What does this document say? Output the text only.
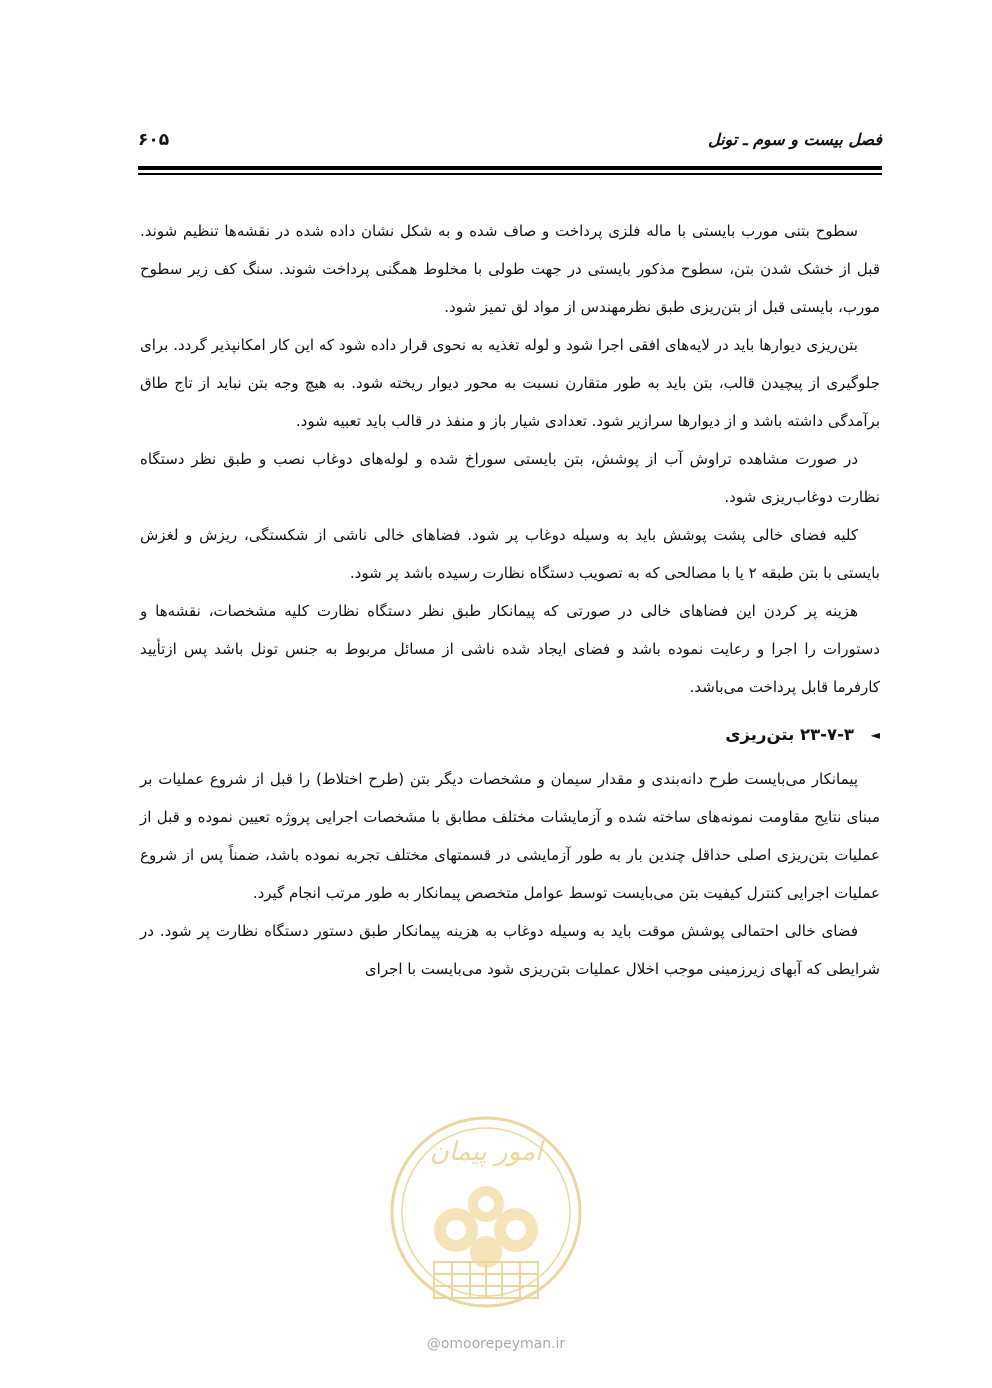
فصل بیست و سوم ـ تونل
۶۰۵

سطوح بتنی مورب بایستی با ماله فلزی پرداخت و صاف شده و به شکل نشان داده شده در نقشه‌ها تنظیم شوند. قبل از خشک شدن بتن، سطوح مذکور بایستی در جهت طولی با مخلوط همگنی پرداخت شوند. سنگ کف زیر سطوح مورب، بایستی قبل از بتن‌ریزی طبق نظرمهندس از مواد لق تمیز شود.

بتن‌ریزی دیوارها باید در لایه‌های افقی اجرا شود و لوله تغذیه به نحوی قرار داده شود که این کار امکانپذیر گردد. برای جلوگیری از پیچیدن قالب، بتن باید به طور متقارن نسبت به محور دیوار ریخته شود. به هیچ وجه بتن نباید از تاج طاق برآمدگی داشته باشد و از دیوارها سرازیر شود. تعدادی شیار باز و منفذ در قالب باید تعبیه شود.

در صورت مشاهده تراوش آب از پوشش، بتن بایستی سوراخ شده و لوله‌های دوغاب نصب و طبق نظر دستگاه نظارت دوغاب‌ریزی شود.

کلیه فضای خالی پشت پوشش باید به وسیله دوغاب پر شود. فضاهای خالی ناشی از شکستگی، ریزش و لغزش بایستی با بتن طبقه ۲ یا با مصالحی که به تصویب دستگاه نظارت رسیده باشد پر شود.

هزینه پر کردن این فضاهای خالی در صورتی که پیمانکار طبق نظر دستگاه نظارت کلیه مشخصات، نقشه‌ها و دستورات را اجرا و رعایت نموده باشد و فضای ایجاد شده ناشی از مسائل مربوط به جنس تونل باشد پس ازتأیید کارفرما قابل پرداخت می‌باشد.

◄
۲۳-۷-۳ بتن‌ریزی

پیمانکار می‌بایست طرح دانه‌بندی و مقدار سیمان و مشخصات دیگر بتن (طرح اختلاط) را قبل از شروع عملیات بر مبنای نتایج مقاومت نمونه‌های ساخته شده و آزمایشات مختلف مطابق با مشخصات اجرایی پروژه تعیین نموده و قبل از عملیات بتن‌ریزی اصلی حداقل چندین بار به طور آزمایشی در قسمتهای مختلف تجربه نموده باشد، ضمناً پس از شروع عملیات اجرایی کنترل کیفیت بتن می‌بایست توسط عوامل متخصص پیمانکار به طور مرتب انجام گیرد.

فضای خالی احتمالی پوشش موقت باید به وسیله دوغاب به هزینه پیمانکار طبق دستور دستگاه نظارت پر شود. در شرایطی که آبهای زیرزمینی موجب اخلال عملیات بتن‌ریزی شود می‌بایست با اجرای

امور پیمان
@omoorepeyman.ir
